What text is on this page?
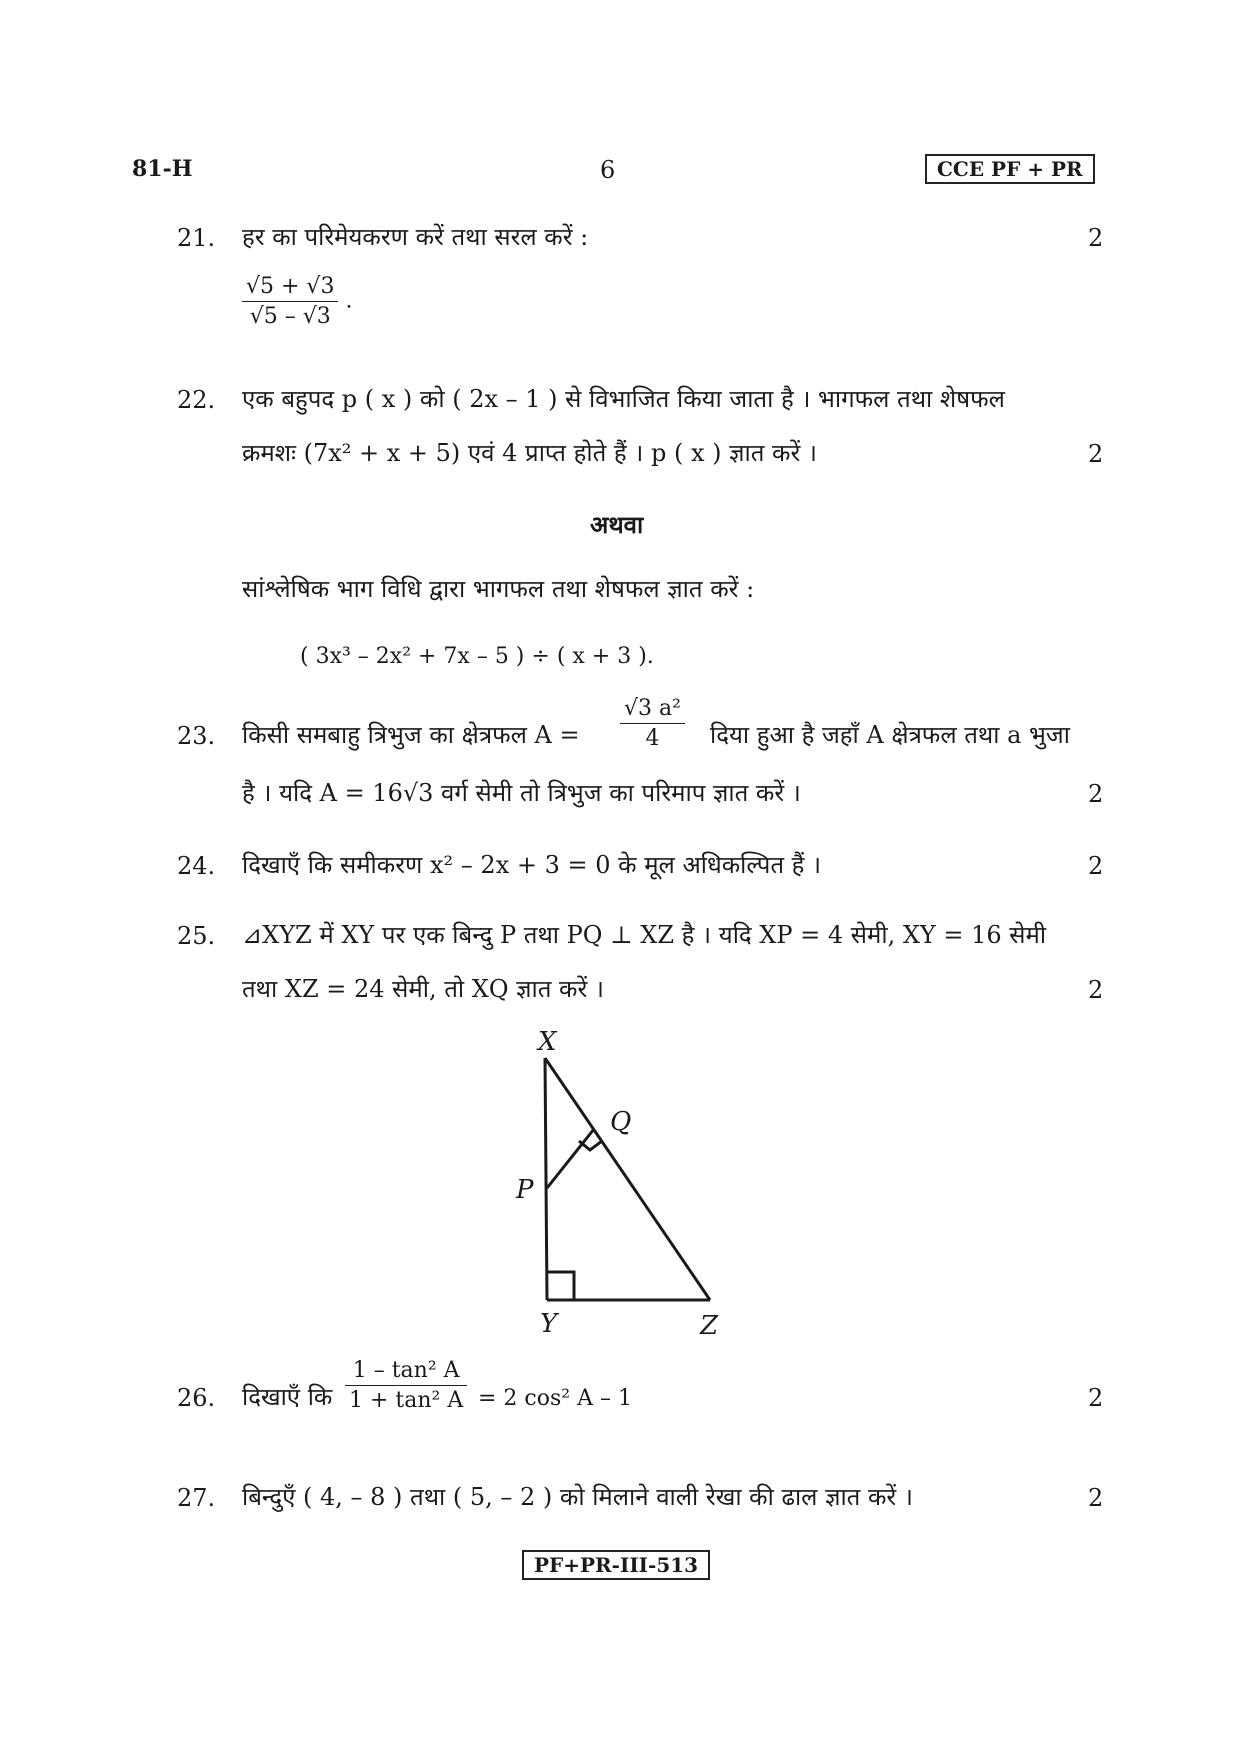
81-H	6	CCE PF + PR
21. हर का परिमेयकरण करें तथा सरल करें :	2
$\frac{√5 + √3}{√5 - √3}$ .
22. एक बहुपद p ( x ) को ( 2x – 1 ) से विभाजित किया जाता है । भागफल तथा शेषफल
क्रमशः (7x² + x + 5) एवं 4 प्राप्त होते हैं । p ( x ) ज्ञात करें ।	2
अथवा
सांश्लेषिक भाग विधि द्वारा भागफल तथा शेषफल ज्ञात करें :
( 3x³ – 2x² + 7x – 5 ) ÷ ( x + 3 ).
23. किसी समबाहु त्रिभुज का क्षेत्रफल $A = \frac{\text{√3 a²}}{4}$ दिया हुआ है जहाँ A क्षेत्रफल तथा a भुजा
है । यदि A = 16√3 वर्ग सेमी तो त्रिभुज का परिमाप ज्ञात करें ।	2
24. दिखाएँ कि समीकरण x² – 2x + 3 = 0 के मूल अधिकल्पित हैं ।	2
25. ⊿XYZ में XY पर एक बिन्दु P तथा PQ ⊥ XZ है । यदि XP = 4 सेमी, XY = 16 सेमी
तथा XZ = 24 सेमी, तो XQ ज्ञात करें ।	2
X
Q
P
Y	Z
26. दिखाएँ कि $\frac{\text{1 – tan² A}}{\text{1 + tan² A}} = 2$ cos² A – 1	2
27. बिन्दुएँ ( 4, – 8 ) तथा ( 5, – 2 ) को मिलाने वाली रेखा की ढाल ज्ञात करें ।	2
PF+PR-III-513
